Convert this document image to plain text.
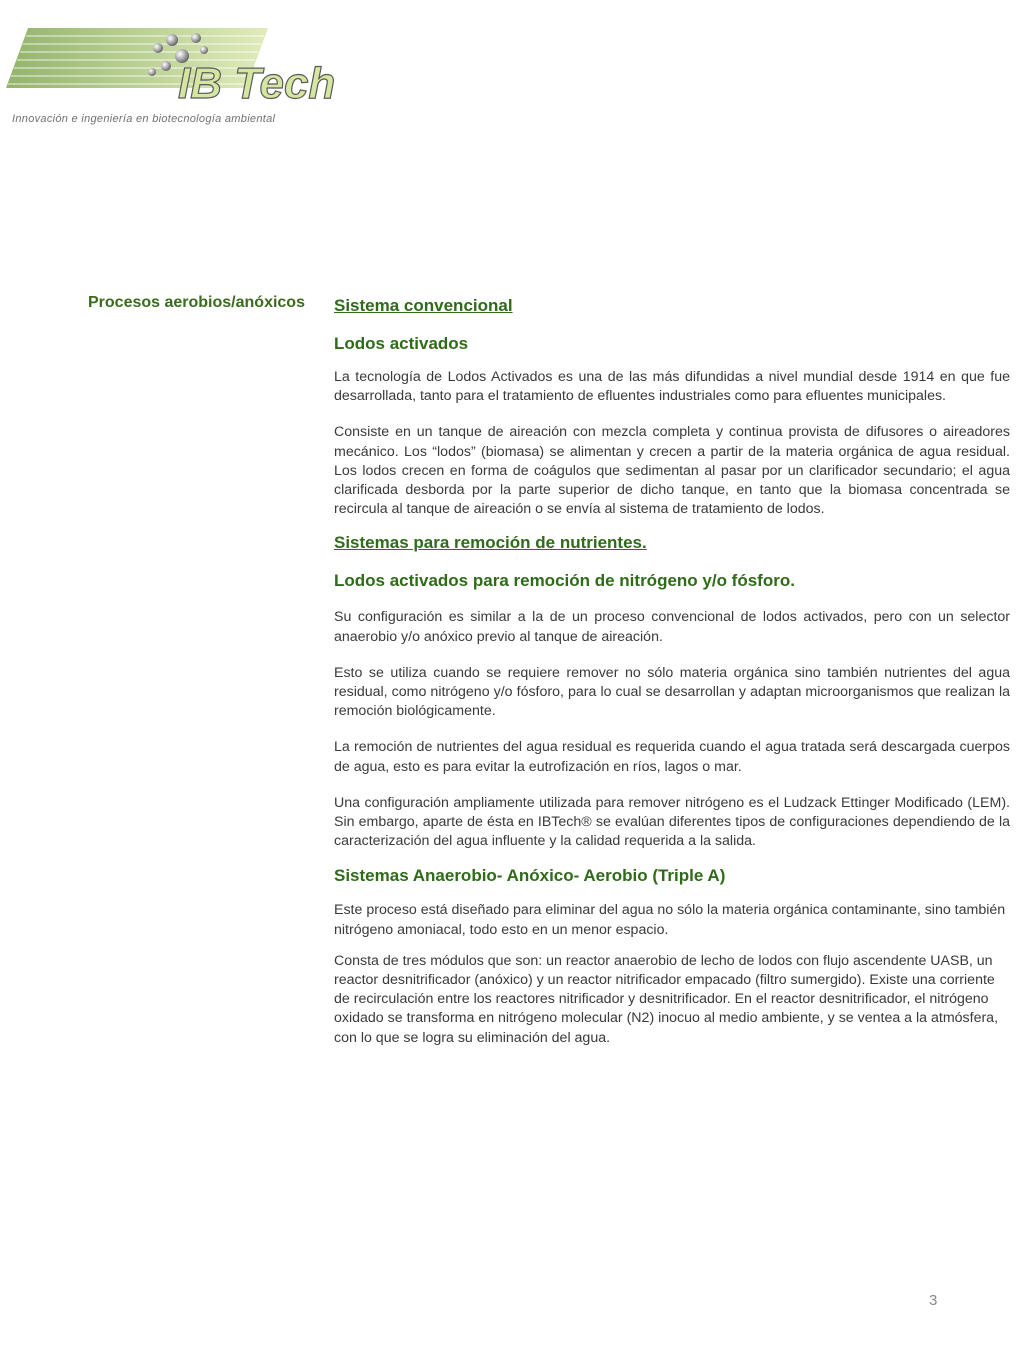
IB Tech
Innovación e ingeniería en biotecnología ambiental
Procesos aerobios/anóxicos Sistema convencional
Lodos activados

La tecnología de Lodos Activados es una de las más difundidas a nivel mundial desde 1914 en que fue desarrollada, tanto para el tratamiento de efluentes industriales como para efluentes municipales.

Consiste en un tanque de aireación con mezcla completa y continua provista de difusores o aireadores mecánico. Los “lodos” (biomasa) se alimentan y crecen a partir de la materia orgánica de agua residual. Los lodos crecen en forma de coágulos que sedimentan al pasar por un clarificador secundario; el agua clarificada desborda por la parte superior de dicho tanque, en tanto que la biomasa concentrada se recircula al tanque de aireación o se envía al sistema de tratamiento de lodos.

Sistemas para remoción de nutrientes.
Lodos activados para remoción de nitrógeno y/o fósforo.

Su configuración es similar a la de un proceso convencional de lodos activados, pero con un selector anaerobio y/o anóxico previo al tanque de aireación.

Esto se utiliza cuando se requiere remover no sólo materia orgánica sino también nutrientes del agua residual, como nitrógeno y/o fósforo, para lo cual se desarrollan y adaptan microorganismos que realizan la remoción biológicamente.

La remoción de nutrientes del agua residual es requerida cuando el agua tratada será descargada cuerpos de agua, esto es para evitar la eutrofización en ríos, lagos o mar.

Una configuración ampliamente utilizada para remover nitrógeno es el Ludzack Ettinger Modificado (LEM). Sin embargo, aparte de ésta en IBTech® se evalúan diferentes tipos de configuraciones dependiendo de la caracterización del agua influente y la calidad requerida a la salida.

Sistemas Anaerobio- Anóxico- Aerobio (Triple A)

Este proceso está diseñado para eliminar del agua no sólo la materia orgánica contaminante, sino también nitrógeno amoniacal, todo esto en un menor espacio.

Consta de tres módulos que son: un reactor anaerobio de lecho de lodos con flujo ascendente UASB, un reactor desnitrificador (anóxico) y un reactor nitrificador empacado (filtro sumergido). Existe una corriente de recirculación entre los reactores nitrificador y desnitrificador. En el reactor desnitrificador, el nitrógeno oxidado se transforma en nitrógeno molecular (N2) inocuo al medio ambiente, y se ventea a la atmósfera, con lo que se logra su eliminación del agua.

3
